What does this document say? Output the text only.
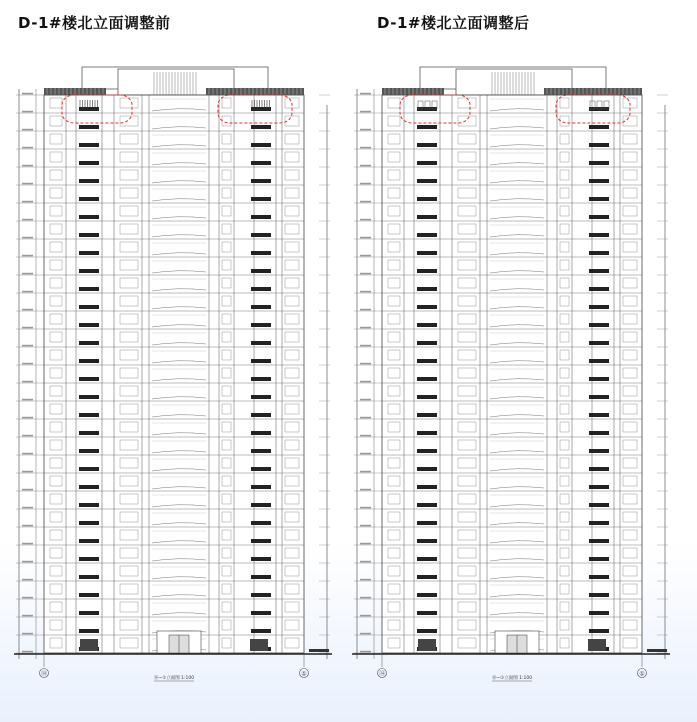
D-1#楼北立面调整前	D-1#楼北立面调整后
⑭	①
⑭~①立面图 1:100
⑭	①
⑭~①立面图 1:100
